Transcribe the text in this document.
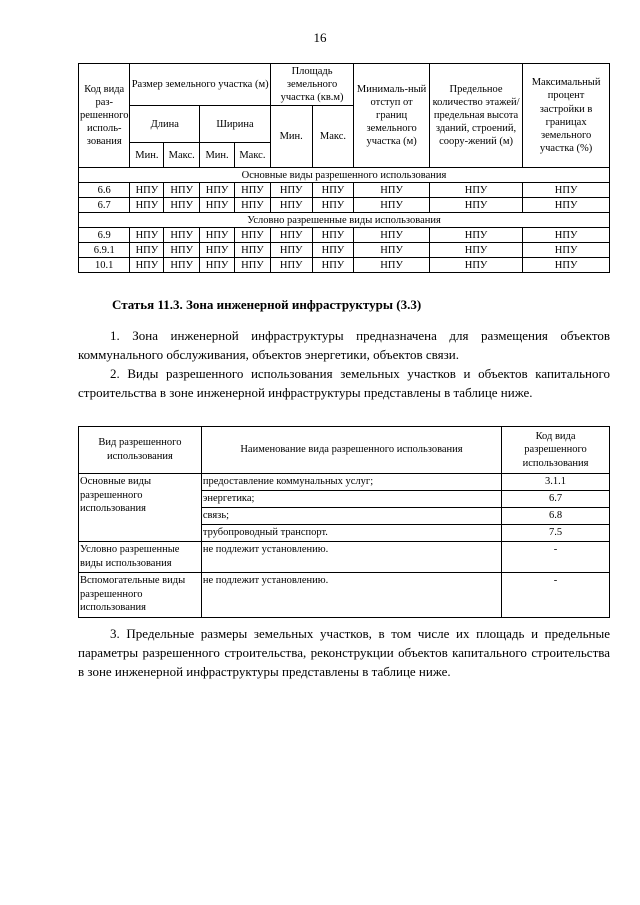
16
Код вида раз-решенного исполь-зования	Размер земельного участка (м)				Площадь земельного участка (кв.м)		Минималь-ный отступ от границ земельного участка (м)	Предельное количество этажей/ предельная высота зданий, строений, соору-жений (м)	Максимальный процент застройки в границах земельного участка (%)
	Длина		Ширина		Мин.	Макс.			
	Мин.	Макс.	Мин.	Макс.					
Основные виды разрешенного использования									
6.6	НПУ	НПУ	НПУ	НПУ	НПУ	НПУ	НПУ	НПУ	НПУ
6.7	НПУ	НПУ	НПУ	НПУ	НПУ	НПУ	НПУ	НПУ	НПУ
Условно разрешенные виды использования									
6.9	НПУ	НПУ	НПУ	НПУ	НПУ	НПУ	НПУ	НПУ	НПУ
6.9.1	НПУ	НПУ	НПУ	НПУ	НПУ	НПУ	НПУ	НПУ	НПУ
10.1	НПУ	НПУ	НПУ	НПУ	НПУ	НПУ	НПУ	НПУ	НПУ
Статья 11.3. Зона инженерной инфраструктуры (3.3)
1. Зона инженерной инфраструктуры предназначена для размещения объектов коммунального обслуживания, объектов энергетики, объектов связи.
2. Виды разрешенного использования земельных участков и объектов капитального строительства в зоне инженерной инфраструктуры представлены в таблице ниже.
Вид разрешенного использования	Наименование вида разрешенного использования	Код вида разрешенного использования
Основные виды разрешенного использования	предоставление коммунальных услуг;	3.1.1
	энергетика;	6.7
	связь;	6.8
	трубопроводный транспорт.	7.5
Условно разрешенные виды использования	не подлежит установлению.	-
Вспомогательные виды разрешенного использования	не подлежит установлению.	-
3. Предельные размеры земельных участков, в том числе их площадь и предельные параметры разрешенного строительства, реконструкции объектов капитального строительства в зоне инженерной инфраструктуры представлены в таблице ниже.
